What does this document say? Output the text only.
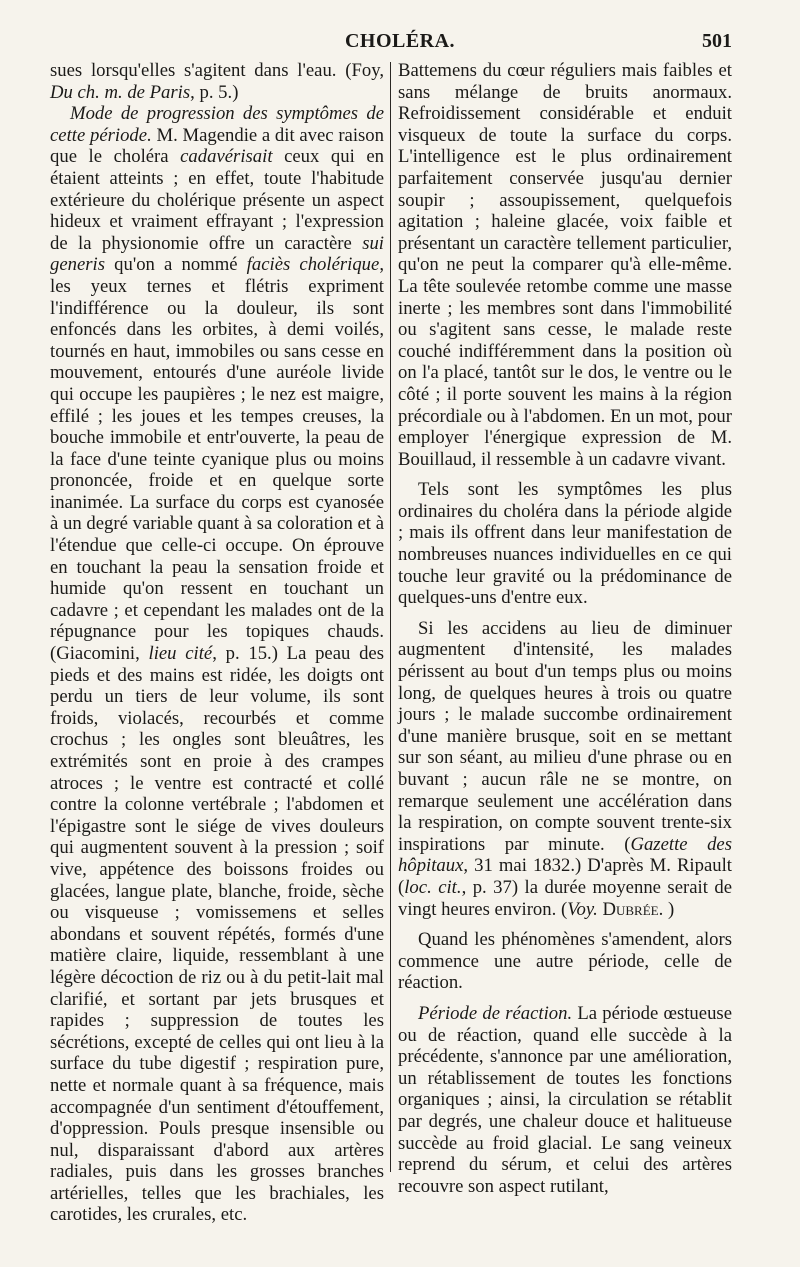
CHOLÉRA.	501

sues lorsqu'elles s'agitent dans l'eau. (Foy, Du ch. m. de Paris, p. 5.)

Mode de progression des symptômes de cette période. M. Magendie a dit avec raison que le choléra cadavérisait ceux qui en étaient atteints ; en effet, toute l'habitude extérieure du cholérique présente un aspect hideux et vraiment effrayant ; l'expression de la physionomie offre un caractère sui generis qu'on a nommé faciès cholérique, les yeux ternes et flétris expriment l'indifférence ou la douleur, ils sont enfoncés dans les orbites, à demi voilés, tournés en haut, immobiles ou sans cesse en mouvement, entourés d'une auréole livide qui occupe les paupières ; le nez est maigre, effilé ; les joues et les tempes creuses, la bouche immobile et entr'ouverte, la peau de la face d'une teinte cyanique plus ou moins prononcée, froide et en quelque sorte inanimée. La surface du corps est cyanosée à un degré variable quant à sa coloration et à l'étendue que celle-ci occupe. On éprouve en touchant la peau la sensation froide et humide qu'on ressent en touchant un cadavre ; et cependant les malades ont de la répugnance pour les topiques chauds. (Giacomini, lieu cité, p. 15.) La peau des pieds et des mains est ridée, les doigts ont perdu un tiers de leur volume, ils sont froids, violacés, recourbés et comme crochus ; les ongles sont bleuâtres, les extrémités sont en proie à des crampes atroces ; le ventre est contracté et collé contre la colonne vertébrale ; l'abdomen et l'épigastre sont le siége de vives douleurs qui augmentent souvent à la pression ; soif vive, appétence des boissons froides ou glacées, langue plate, blanche, froide, sèche ou visqueuse ; vomissemens et selles abondans et souvent répétés, formés d'une matière claire, liquide, ressemblant à une légère décoction de riz ou à du petit-lait mal clarifié, et sortant par jets brusques et rapides ; suppression de toutes les sécrétions, excepté de celles qui ont lieu à la surface du tube digestif ; respiration pure, nette et normale quant à sa fréquence, mais accompagnée d'un sentiment d'étouffement, d'oppression. Pouls presque insensible ou nul, disparaissant d'abord aux artères radiales, puis dans les grosses branches artérielles, telles que les brachiales, les carotides, les crurales, etc.

Battemens du cœur réguliers mais faibles et sans mélange de bruits anormaux. Refroidissement considérable et enduit visqueux de toute la surface du corps. L'intelligence est le plus ordinairement parfaitement conservée jusqu'au dernier soupir ; assoupissement, quelquefois agitation ; haleine glacée, voix faible et présentant un caractère tellement particulier, qu'on ne peut la comparer qu'à elle-même. La tête soulevée retombe comme une masse inerte ; les membres sont dans l'immobilité ou s'agitent sans cesse, le malade reste couché indifféremment dans la position où on l'a placé, tantôt sur le dos, le ventre ou le côté ; il porte souvent les mains à la région précordiale ou à l'abdomen. En un mot, pour employer l'énergique expression de M. Bouillaud, il ressemble à un cadavre vivant.

Tels sont les symptômes les plus ordinaires du choléra dans la période algide ; mais ils offrent dans leur manifestation de nombreuses nuances individuelles en ce qui touche leur gravité ou la prédominance de quelques-uns d'entre eux.

Si les accidens au lieu de diminuer augmentent d'intensité, les malades périssent au bout d'un temps plus ou moins long, de quelques heures à trois ou quatre jours ; le malade succombe ordinairement d'une manière brusque, soit en se mettant sur son séant, au milieu d'une phrase ou en buvant ; aucun râle ne se montre, on remarque seulement une accélération dans la respiration, on compte souvent trente-six inspirations par minute. (Gazette des hôpitaux, 31 mai 1832.) D'après M. Ripault (loc. cit., p. 37) la durée moyenne serait de vingt heures environ. (Voy. Dubrée. )

Quand les phénomènes s'amendent, alors commence une autre période, celle de réaction.

Période de réaction. La période œstueuse ou de réaction, quand elle succède à la précédente, s'annonce par une amélioration, un rétablissement de toutes les fonctions organiques ; ainsi, la circulation se rétablit par degrés, une chaleur douce et halitueuse succède au froid glacial. Le sang veineux reprend du sérum, et celui des artères recouvre son aspect rutilant,
